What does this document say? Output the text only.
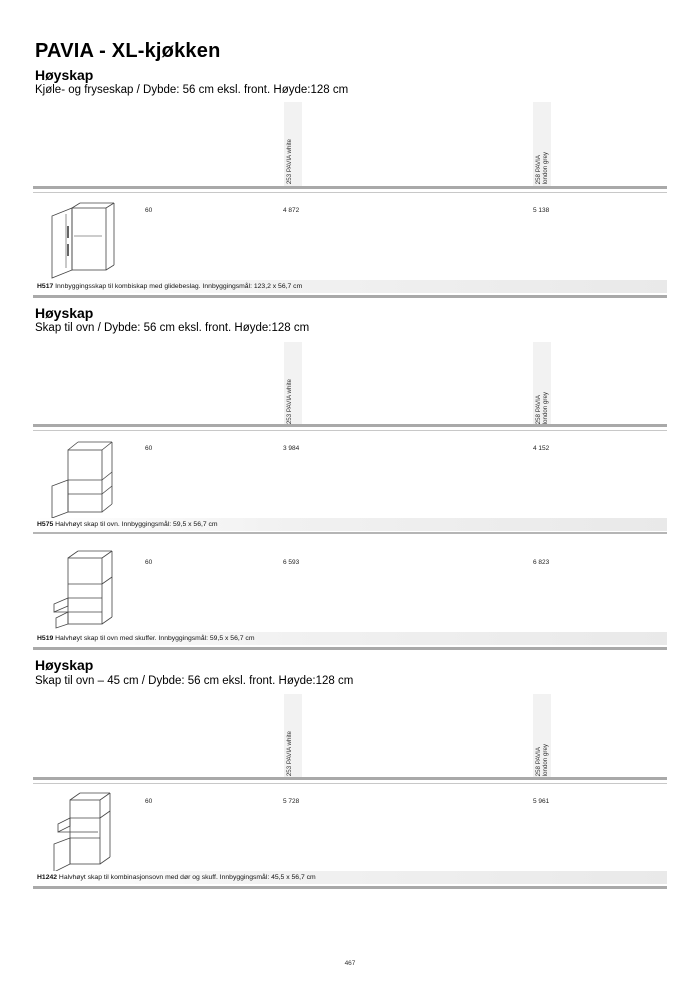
PAVIA - XL-kjøkken
Høyskap
Kjøle- og fryseskap / Dybde: 56 cm eksl. front. Høyde:128 cm
253 PAVIA white	258 PAVIA
london grey
60	4 872	5 138
H517 Innbyggingsskap til kombiskap med glidebeslag. Innbyggingsmål: 123,2 x 56,7 cm
Høyskap
Skap til ovn / Dybde: 56 cm eksl. front. Høyde:128 cm
253 PAVIA white	258 PAVIA
london grey
60	3 984	4 152
H575 Halvhøyt skap til ovn. Innbyggingsmål: 59,5 x 56,7 cm
60	6 593	6 823
H519 Halvhøyt skap til ovn med skuffer. Innbyggingsmål: 59,5 x 56,7 cm
Høyskap
Skap til ovn – 45 cm / Dybde: 56 cm eksl. front. Høyde:128 cm
253 PAVIA white	258 PAVIA
london grey
60	5 728	5 961
H1242 Halvhøyt skap til kombinasjonsovn med dør og skuff. Innbyggingsmål: 45,5 x 56,7 cm
467
